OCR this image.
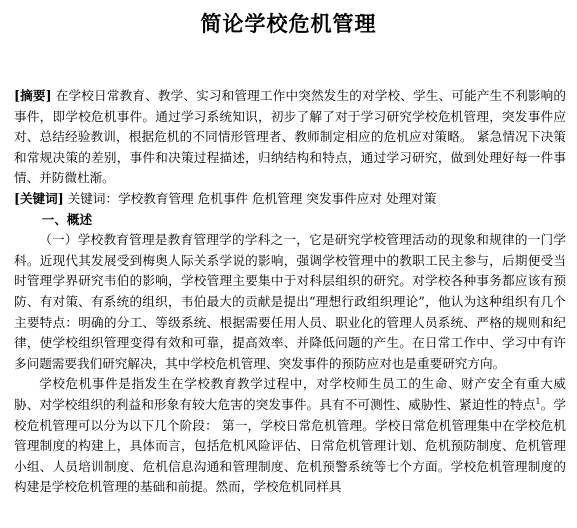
简论学校危机管理

[摘要] 在学校日常教育、教学、实习和管理工作中突然发生的对学校、学生、可能产生不利影响的事件，即学校危机事件。通过学习系统知识，初步了解了对于学习研究学校危机管理，突发事件应对、总结经验教训，根据危机的不同情形管理者、教师制定相应的危机应对策略。 紧急情况下决策和常规决策的差别，事件和决策过程描述，归纳结构和特点，通过学习研究，做到处理好每一件事情、并防微杜渐。

[关键词] 关键词：学校教育管理 危机事件 危机管理 突发事件应对 处理对策

一、概述

（一）学校教育管理是教育管理学的学科之一，它是研究学校管理活动的现象和规律的一门学科。近现代其发展受到梅奥人际关系学说的影响，强调学校管理中的教职工民主参与，后期便受当时管理学界研究韦伯的影响，学校管理主要集中于对科层组织的研究。对学校各种事务都应该有预防、有对策、有系统的组织，韦伯最大的贡献是提出“理想行政组织理论”，他认为这种组织有几个主要特点：明确的分工、等级系统、根据需要任用人员、职业化的管理人员系统、严格的规则和纪律，使学校组织管理变得有效和可靠，提高效率、并降低问题的产生。在日常工作中、学习中有许多问题需要我们研究解决，其中学校危机管理、突发事件的预防应对也是重要研究方向。

学校危机事件是指发生在学校教育教学过程中，对学校师生员工的生命、财产安全有重大威胁、对学校组织的利益和形象有较大危害的突发事件。具有不可测性、威胁性、紧迫性的特点$^1$。学校危机管理可以分为以下几个阶段： 第一，学校日常危机管理。学校日常危机管理集中在学校危机管理制度的构建上，具体而言，包括危机风险评估、日常危机管理计划、危机预防制度、危机管理小组、人员培训制度、危机信息沟通和管理制度、危机预警系统等七个方面。学校危机管理制度的构建是学校危机管理的基础和前提。然而，学校危机同样具
